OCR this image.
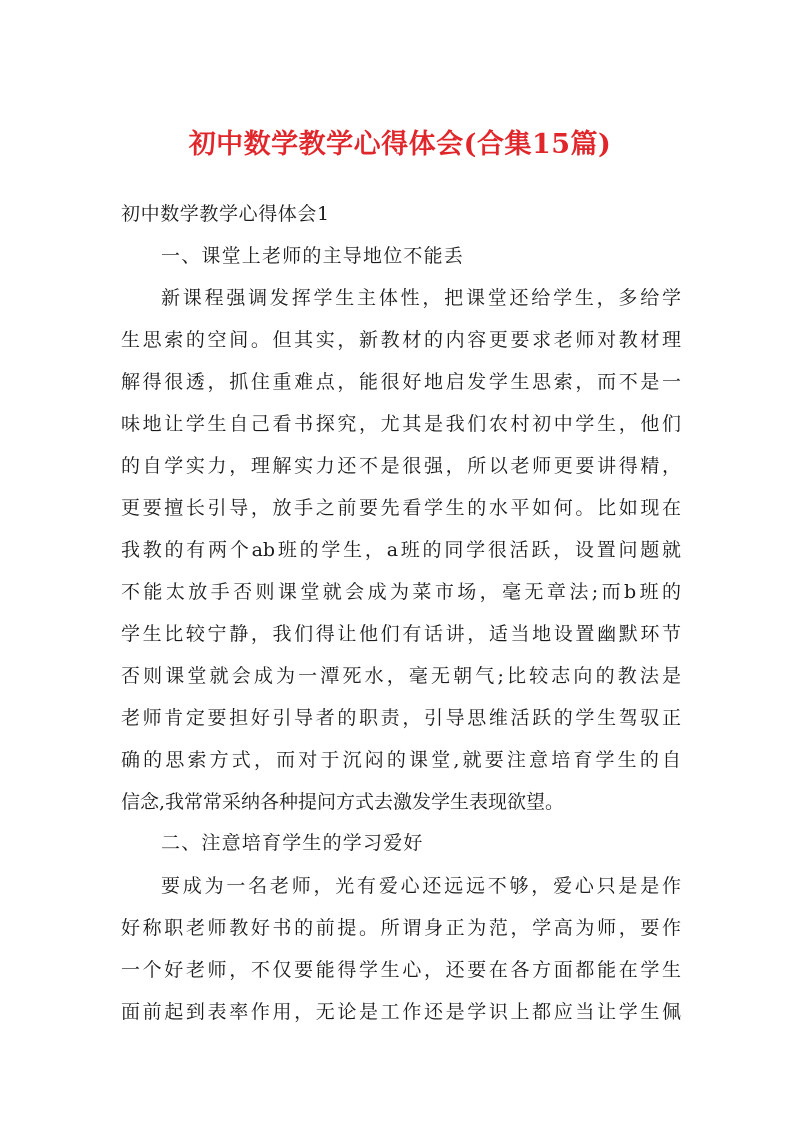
初中数学教学心得体会(合集15篇)
初中数学教学心得体会1
一、课堂上老师的主导地位不能丢
新课程强调发挥学生主体性，把课堂还给学生，多给学
生思索的空间。但其实，新教材的内容更要求老师对教材理
解得很透，抓住重难点，能很好地启发学生思索，而不是一
味地让学生自己看书探究，尤其是我们农村初中学生，他们
的自学实力，理解实力还不是很强，所以老师更要讲得精，
更要擅长引导，放手之前要先看学生的水平如何。比如现在
我教的有两个ab班的学生，a班的同学很活跃，设置问题就
不能太放手否则课堂就会成为菜市场，毫无章法;而b班的
学生比较宁静，我们得让他们有话讲，适当地设置幽默环节
否则课堂就会成为一潭死水，毫无朝气;比较志向的教法是
老师肯定要担好引导者的职责，引导思维活跃的学生驾驭正
确的思索方式，而对于沉闷的课堂,就要注意培育学生的自
信念,我常常采纳各种提问方式去激发学生表现欲望。
二、注意培育学生的学习爱好
要成为一名老师，光有爱心还远远不够，爱心只是是作
好称职老师教好书的前提。所谓身正为范，学高为师，要作
一个好老师，不仅要能得学生心，还要在各方面都能在学生
面前起到表率作用，无论是工作还是学识上都应当让学生佩
